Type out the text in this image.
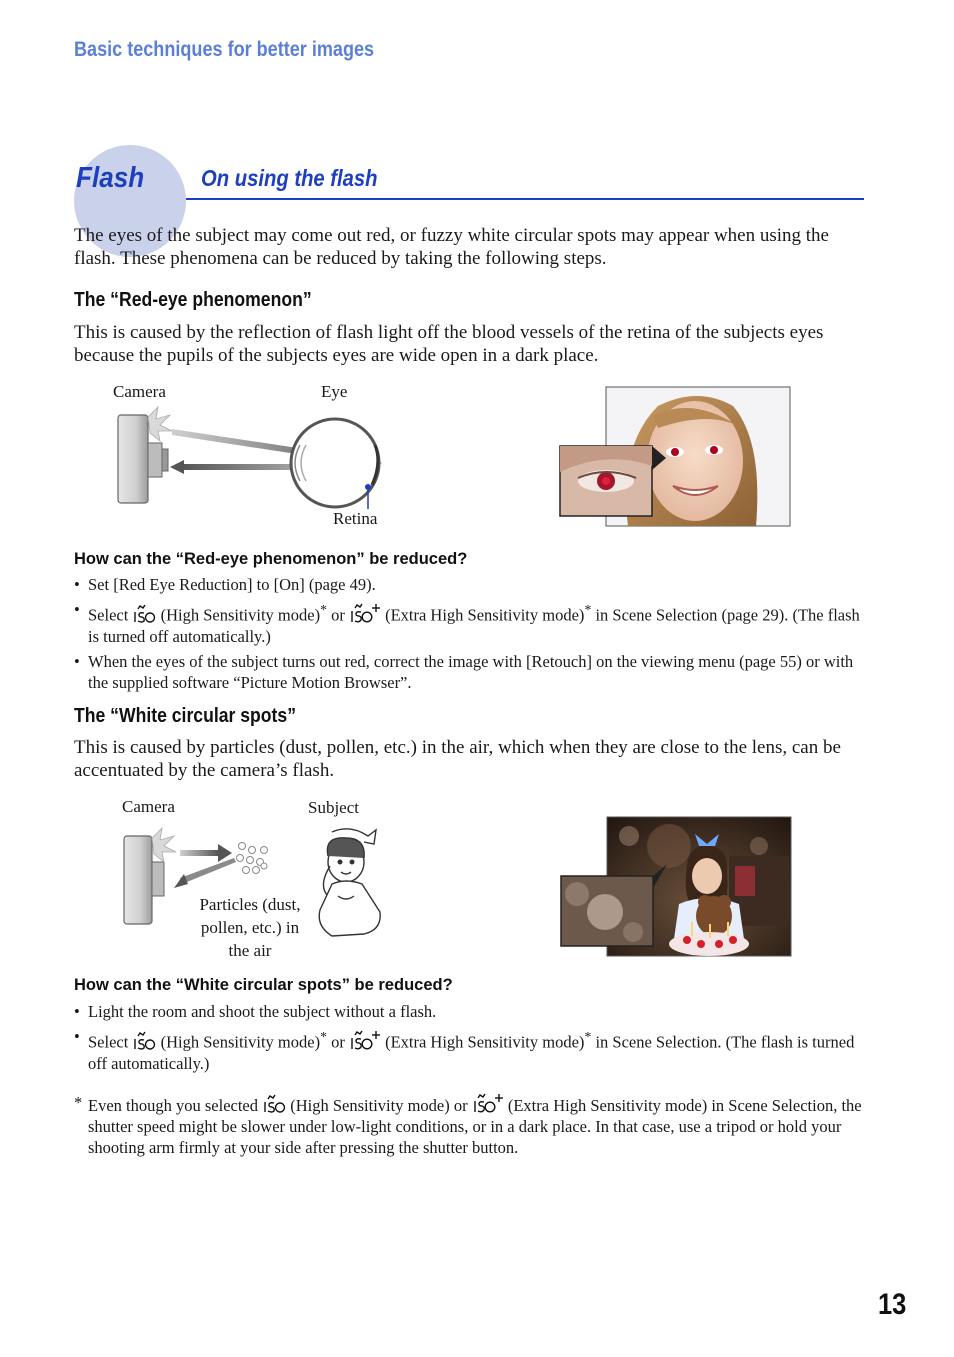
Basic techniques for better images
Flash On using the flash
The eyes of the subject may come out red, or fuzzy white circular spots may appear when using the flash. These phenomena can be reduced by taking the following steps.
The “Red-eye phenomenon”
This is caused by the reflection of flash light off the blood vessels of the retina of the subjects eyes because the pupils of the subjects eyes are wide open in a dark place.
Camera	Eye
Retina
How can the “Red-eye phenomenon” be reduced?
• Set [Red Eye Reduction] to [On] (page 49).
• Select  (High Sensitivity mode)* or  (Extra High Sensitivity mode)* in Scene Selection (page 29). (The flash is turned off automatically.)
• When the eyes of the subject turns out red, correct the image with [Retouch] on the viewing menu (page 55) or with the supplied software “Picture Motion Browser”.
The “White circular spots”
This is caused by particles (dust, pollen, etc.) in the air, which when they are close to the lens, can be accentuated by the camera’s flash.
Camera	Subject
Particles (dust,
pollen, etc.) in
the air
How can the “White circular spots” be reduced?
• Light the room and shoot the subject without a flash.
• Select  (High Sensitivity mode)* or  (Extra High Sensitivity mode)* in Scene Selection. (The flash is turned off automatically.)
* Even though you selected  (High Sensitivity mode) or  (Extra High Sensitivity mode) in Scene Selection, the shutter speed might be slower under low-light conditions, or in a dark place. In that case, use a tripod or hold your shooting arm firmly at your side after pressing the shutter button.
13
